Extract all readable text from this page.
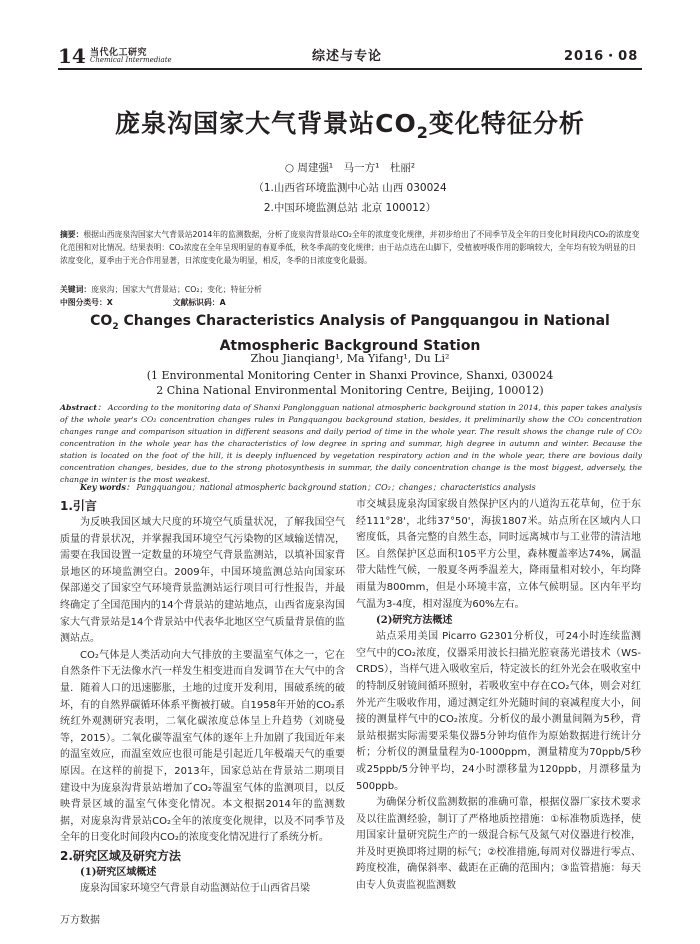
14 当代化工研究
Chemical Intermediate	综述与专论	2016・08
庞泉沟国家大气背景站$CO_2$变化特征分析
○ 周建强¹　马一方¹　杜丽²
（1.山西省环境监测中心站 山西 030024
2.中国环境监测总站 北京 100012）
摘要：根据山西庞泉沟国家大气背景站2014年的监测数据，分析了庞泉沟背景站CO₂全年的浓度变化规律，并初步给出了不同季节及全年的日变化时间段内CO₂的浓度变化范围和对比情况。结果表明：CO₂浓度在全年呈现明显的春夏季低，秋冬季高的变化规律；由于站点选在山脚下，受植被呼吸作用的影响较大，全年均有较为明显的日浓度变化，夏季由于光合作用显著，日浓度变化最为明显，相反，冬季的日浓度变化最弱。
关键词：庞泉沟；国家大气背景站；CO₂；变化；特征分析
中图分类号：X	文献标识码：A
$CO_2$ Changes Characteristics Analysis of Pangquangou in National
Atmospheric Background Station
Zhou Jianqiang¹, Ma Yifang¹, Du Li²
(1 Environmental Monitoring Center in Shanxi Province, Shanxi, 030024
2 China National Environmental Monitoring Centre, Beijing, 100012)
Abstract： According to the monitoring data of Shanxi Panglongguan national atmospheric background station in 2014, this paper takes analysis of the whole year's CO₂ concentration changes rules in Pangquangou background station, besides, it preliminarily show the CO₂ concentration changes range and comparison situation in different seasons and daily period of time in the whole year. The result shows the change rule of CO₂ concentration in the whole year has the characteristics of low degree in spring and summar, high degree in autumn and winter. Because the station is located on the foot of the hill, it is deeply influenced by vegetation respiratory action and in the whole year, there are bovious daily concentration changes, besides, due to the strong photosynthesis in summar, the daily concentration change is the most biggest, adversely, the change in winter is the most weakest.
Key words： Pangquangou；national atmospheric background station；CO₂；changes；characteristics analysis
1.引言

为反映我国区域大尺度的环境空气质量状况，了解我国空气质量的背景状况，并掌握我国环境空气污染物的区域输送情况，需要在我国设置一定数量的环境空气背景监测站，以填补国家背景地区的环境监测空白。2009年，中国环境监测总站向国家环保部递交了国家空气环境背景监测站运行项目可行性报告，并最终确定了全国范围内的14个背景站的建站地点，山西省庞泉沟国家大气背景站是14个背景站中代表华北地区空气质量背景值的监测站点。

CO₂气体是人类活动向大气排放的主要温室气体之一，它在自然条件下无法像水汽一样发生相变进而自发调节在大气中的含量．随着人口的迅速膨胀，土地的过度开发利用，围破系统的破坏，有的自然界碳循环体系平衡被打破。自1958年开始的CO₂系统红外观测研究表明，二氧化碳浓度总体呈上升趋势（刘晓曼等，2015）。二氧化碳等温室气体的逐年上升加剧了我国近年来的温室效应，而温室效应也很可能是引起近几年极端天气的重要原因。在这样的前提下，2013年，国家总站在背景站二期项目建设中为庞泉沟背景站增加了CO₂等温室气体的监测项目，以反映背景区域的温室气体变化情况。本文根据2014年的监测数据，对庞泉沟背景站CO₂全年的浓度变化规律，以及不同季节及全年的日变化时间段内CO₂的浓度变化情况进行了系统分析。

2.研究区域及研究方法
(1)研究区域概述

庞泉沟国家环境空气背景自动监测站位于山西省吕梁

市交城县庞泉沟国家级自然保护区内的八道沟五花草甸，位于东经111°28'，北纬37°50'，海拔1807米。站点所在区域内人口密度低，具备完整的自然生态，同时远离城市与工业带的清洁地区。自然保护区总面积105平方公里，森林覆盖率达74%，属温带大陆性气候，一般夏冬两季温差大，降雨量相对较小，年均降雨量为800mm，但是小环境丰富，立体气候明显。区内年平均气温为3-4度，相对湿度为60%左右。

(2)研究方法概述

站点采用美国 Picarro G2301分析仪，可24小时连续监测空气中的CO₂浓度，仪器采用波长扫描光腔衰荡光谱技术（WS-CRDS），当样气进入吸收室后，特定波长的红外光会在吸收室中的特制反射镜间循环照射，若吸收室中存在CO₂气体，则会对红外光产生吸收作用，通过测定红外光随时间的衰减程度大小，间接的测量样气中的CO₂浓度。分析仪的最小测量间隔为5秒，背景站根据实际需要采集仪器5分钟均值作为原始数据进行统计分析；分析仪的测量量程为0-1000ppm，测量精度为70ppb/5秒或25ppb/5分钟平均，24小时漂移量为120ppb，月漂移量为500ppb。

为确保分析仪监测数据的准确可靠，根据仪器厂家技术要求及以往监测经验，制订了严格地质控措施：①标准物质选择，使用国家计量研究院生产的一级混合标气及氮气对仪器进行校准，并及时更换即将过期的标气；②校准措施,每周对仪器进行零点、跨度校准，确保斜率、截距在正确的范围内；③监管措施：每天由专人负责监视监测数

万方数据
